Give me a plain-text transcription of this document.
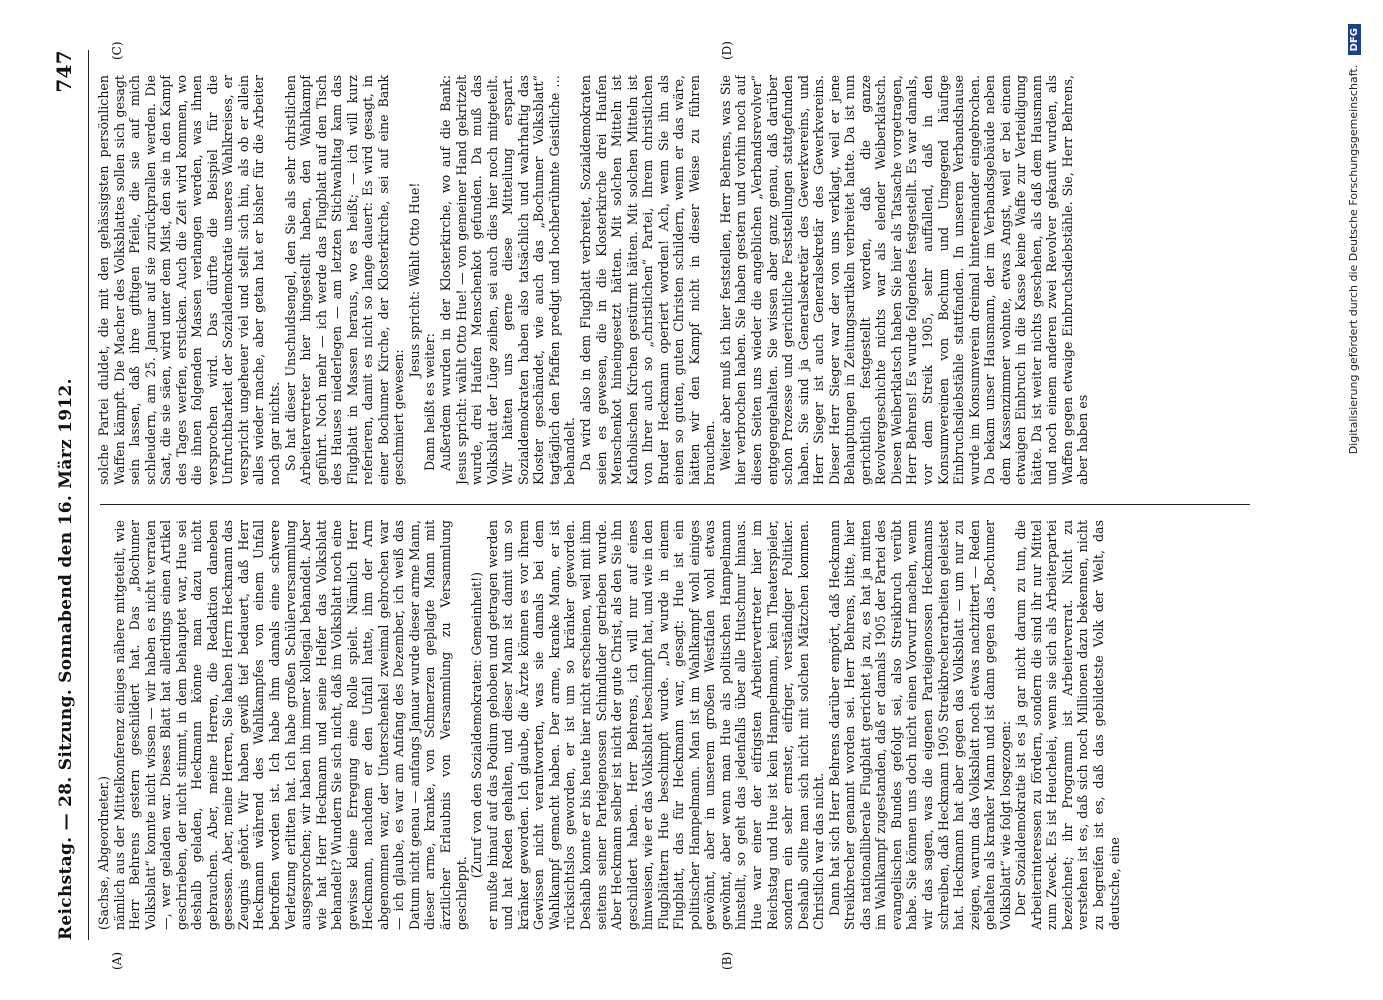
Reichstag. — 28. Sitzung. Sonnabend den 16. März 1912.
747
(A)	(B)
(C)	(D)

(Sachse, Abgeordneter.) nämlich aus der Mittelkonferenz einiges nähere mitgeteilt, wie Herr Behrens gestern geschildert hat. Das „Bochumer Volksblatt“ konnte nicht wissen — wir haben es nicht verraten —, wer geladen war. Dieses Blatt hat allerdings einen Artikel geschrieben, der nicht stimmt, in dem behauptet war, Hue sei deshalb geladen, Heckmann könne man dazu nicht gebrauchen. Aber, meine Herren, die Redaktion daneben gesessen. Aber, meine Herren, Sie haben Herrn Heckmann das Zeugnis gehört. Wir haben gewiß tief bedauert, daß Herr Heckmann während des Wahlkampfes von einem Unfall betroffen worden ist. Ich habe ihm damals eine schwere Verletzung erlitten hat. Ich habe großen Schülerversammlung ausgesprochen; wir haben ihn immer kollegial behandelt. Aber wie hat Herr Heckmann und seine Helfer das Volksblatt behandelt? Wundern Sie sich nicht, daß im Volksblatt noch eine gewisse kleine Erregung eine Rolle spielt. Nämlich Herr Heckmann, nachdem er den Unfall hatte, ihm der Arm abgenommen war, der Unterschenkel zweimal gebrochen war — ich glaube, es war am Anfang des Dezember, ich weiß das Datum nicht genau — anfangs Januar wurde dieser arme Mann, dieser arme, kranke, von Schmerzen geplagte Mann mit ärztlicher Erlaubnis von Versammlung zu Versammlung geschleppt.

(Zuruf von den Sozialdemokraten: Gemeinheit!) er mußte hinauf auf das Podium gehoben und getragen werden und hat Reden gehalten, und dieser Mann ist damit um so kränker geworden. Ich glaube, die Ärzte können es vor ihrem Gewissen nicht verantworten, was sie damals bei dem Wahlkampf gemacht haben. Der arme, kranke Mann, er ist rücksichtslos geworden, er ist um so kränker geworden. Deshalb konnte er bis heute hier nicht erscheinen, weil mit ihm seitens seiner Parteigenossen Schindluder getrieben wurde. Aber Heckmann selber ist nicht der gute Christ, als den Sie ihn geschildert haben. Herr Behrens, ich will nur auf eines hinweisen, wie er das Volksblatt beschimpft hat, und wie in den Flugblättern Hue beschimpft wurde. „Da wurde in einem Flugblatt, das für Heckmann war, gesagt: Hue ist ein politischer Hampelmann. Man ist im Wahlkampf wohl einiges gewöhnt, aber in unserem großen Westfalen wohl etwas gewöhnt, aber wenn man Hue als politischen Hampelmann hinstellt, so geht das jedenfalls über alle Hutschnur hinaus. Hue war einer der eifrigsten Arbeitervertreter hier im Reichstag und Hue ist kein Hampelmann, kein Theaterspieler, sondern ein sehr ernster, eifriger, verständiger Politiker. Deshalb sollte man sich nicht mit solchen Mätzchen kommen. Christlich war das nicht. Dann hat sich Herr Behrens darüber empört, daß Heckmann Streikbrecher genannt worden sei. Herr Behrens, bitte, hier das nationalliberale Flugblatt gerichtet ja zu, es hat ja mitten im Wahlkampf zugestanden, daß er damals 1905 der Partei des evangelischen Bundes gefolgt sei, also Streikbruch verübt habe. Sie können uns doch nicht einen Vorwurf machen, wenn wir das sagen, was die eigenen Parteigenossen Heckmanns schreiben, daß Heckmann 1905 Streikbrecherarbeiten geleistet hat. Heckmann hat aber gegen das Volksblatt — um nur zu zeigen, warum das Volksblatt noch etwas nachzittert — Reden gehalten als kranker Mann und ist dann gegen das „Bochumer Volksblatt“ wie folgt losgezogen: Der Sozialdemokratie ist es ja gar nicht darum zu tun, die Arbeiterinteressen zu fördern, sondern die sind ihr nur Mittel zum Zweck. Es ist Heuchelei, wenn sie sich als Arbeiterpartei bezeichnet; ihr Programm ist Arbeiterverrat. Nicht zu verstehen ist es, daß sich noch Millionen dazu bekennen, nicht zu begreifen ist es, daß das gebildetste Volk der Welt, das deutsche, eine

solche Partei duldet, die mit den gehässigsten persönlichen Waffen kämpft. Die Macher des Volksblattes sollen sich gesagt sein lassen, daß ihre giftigen Pfeile, die sie auf mich schleudern, am 25. Januar auf sie zurückprallen werden. Die Saat, die sie säen, wird unter dem Mist, den sie in den Kampf des Tages werfen, ersticken. Auch die Zeit wird kommen, wo die ihnen folgenden Massen verlangen werden, was ihnen versprochen wird. Das dürfte die Beispiel für die Unfruchtbarkeit der Sozialdemokratie unseres Wahlkreises, er verspricht ungeheuer viel und stellt sich hin, als ob er allein alles wieder mache, aber getan hat er bisher für die Arbeiter noch gar nichts. So hat dieser Unschuldsengel, den Sie als sehr christlichen Arbeitervertreter hier hingestellt haben, den Wahlkampf geführt. Noch mehr — ich werde das Flugblatt auf den Tisch des Hauses niederlegen — am letzten Stichwahltag kam das Flugblatt in Massen heraus, wo es heißt; — ich will kurz referieren, damit es nicht so lange dauert: Es wird gesagt, in einer Bochumer Kirche, der Klosterkirche, sei auf eine Bank geschmiert gewesen:

Jesus spricht: Wählt Otto Hue!

Dann heißt es weiter: Außerdem wurden in der Klosterkirche, wo auf die Bank: Jesus spricht: wählt Otto Hue! — von gemeiner Hand gekritzelt wurde, drei Haufen Menschenkot gefunden. Da muß das Volksblatt der Lüge zeihen, sei auch dies hier noch mitgeteilt. Wir hätten uns gerne diese Mitteilung erspart. Sozialdemokraten haben also tatsächlich und wahrhaftig das Kloster geschändet, wie auch das „Bochumer Volksblatt“ tagtäglich den Pfaffen predigt und hochberühmte Geistliche … behandelt. Da wird also in dem Flugblatt verbreitet, Sozialdemokraten seien es gewesen, die in die Klosterkirche drei Haufen Menschenkot hineingesetzt hätten. Mit solchen Mitteln ist Katholischen Kirchen gestürmt hätten. Mit solchen Mitteln ist von Ihrer auch so „christlichen“ Partei, Ihrem christlichen Bruder Heckmann operiert worden! Ach, wenn Sie ihn als einen so guten, guten Christen schildern, wenn er das wäre, hätten wir den Kampf nicht in dieser Weise zu führen brauchen. Weiter aber muß ich hier feststellen, Herr Behrens, was Sie hier verbrochen haben. Sie haben gestern und vorhin noch auf diesen Seiten uns wieder die angeblichen „Verbandsrevolver“ entgegengehalten. Sie wissen aber ganz genau, daß darüber schon Prozesse und gerichtliche Feststellungen stattgefunden haben. Sie sind ja Generalsekretär des Gewerkvereins, und Herr Sieger ist auch Generalsekretär des Gewerkvereins. Dieser Herr Sieger war der von uns verklagt, weil er jene Behauptungen in Zeitungsartikeln verbreitet hatte. Da ist nun gerichtlich festgestellt worden, daß die ganze Revolvergeschichte nichts war als elender Weiberklatsch. Diesen Weiberklatsch haben Sie hier als Tatsache vorgetragen, Herr Behrens! Es wurde folgendes festgestellt. Es war damals, vor dem Streik 1905, sehr auffallend, daß in den Konsumvereinen von Bochum und Umgegend häufige Einbruchsdiebstähle stattfanden. In unserem Verbandshause wurde im Konsumverein dreimal hintereinander eingebrochen. Da bekam unser Hausmann, der im Verbandsgebäude neben dem Kassenzimmer wohnte, etwas Angst, weil er bei einem etwaigen Einbruch in die Kasse keine Waffe zur Verteidigung hätte. Da ist weiter nichts geschehen, als daß dem Hausmann und noch einem anderen zwei Revolver gekauft wurden, als Waffen gegen etwaige Einbruchsdiebstähle. Sie, Herr Behrens, aber haben es	Digitalisierung gefördert durch die Deutsche Forschungsgemeinschaft. DFG
